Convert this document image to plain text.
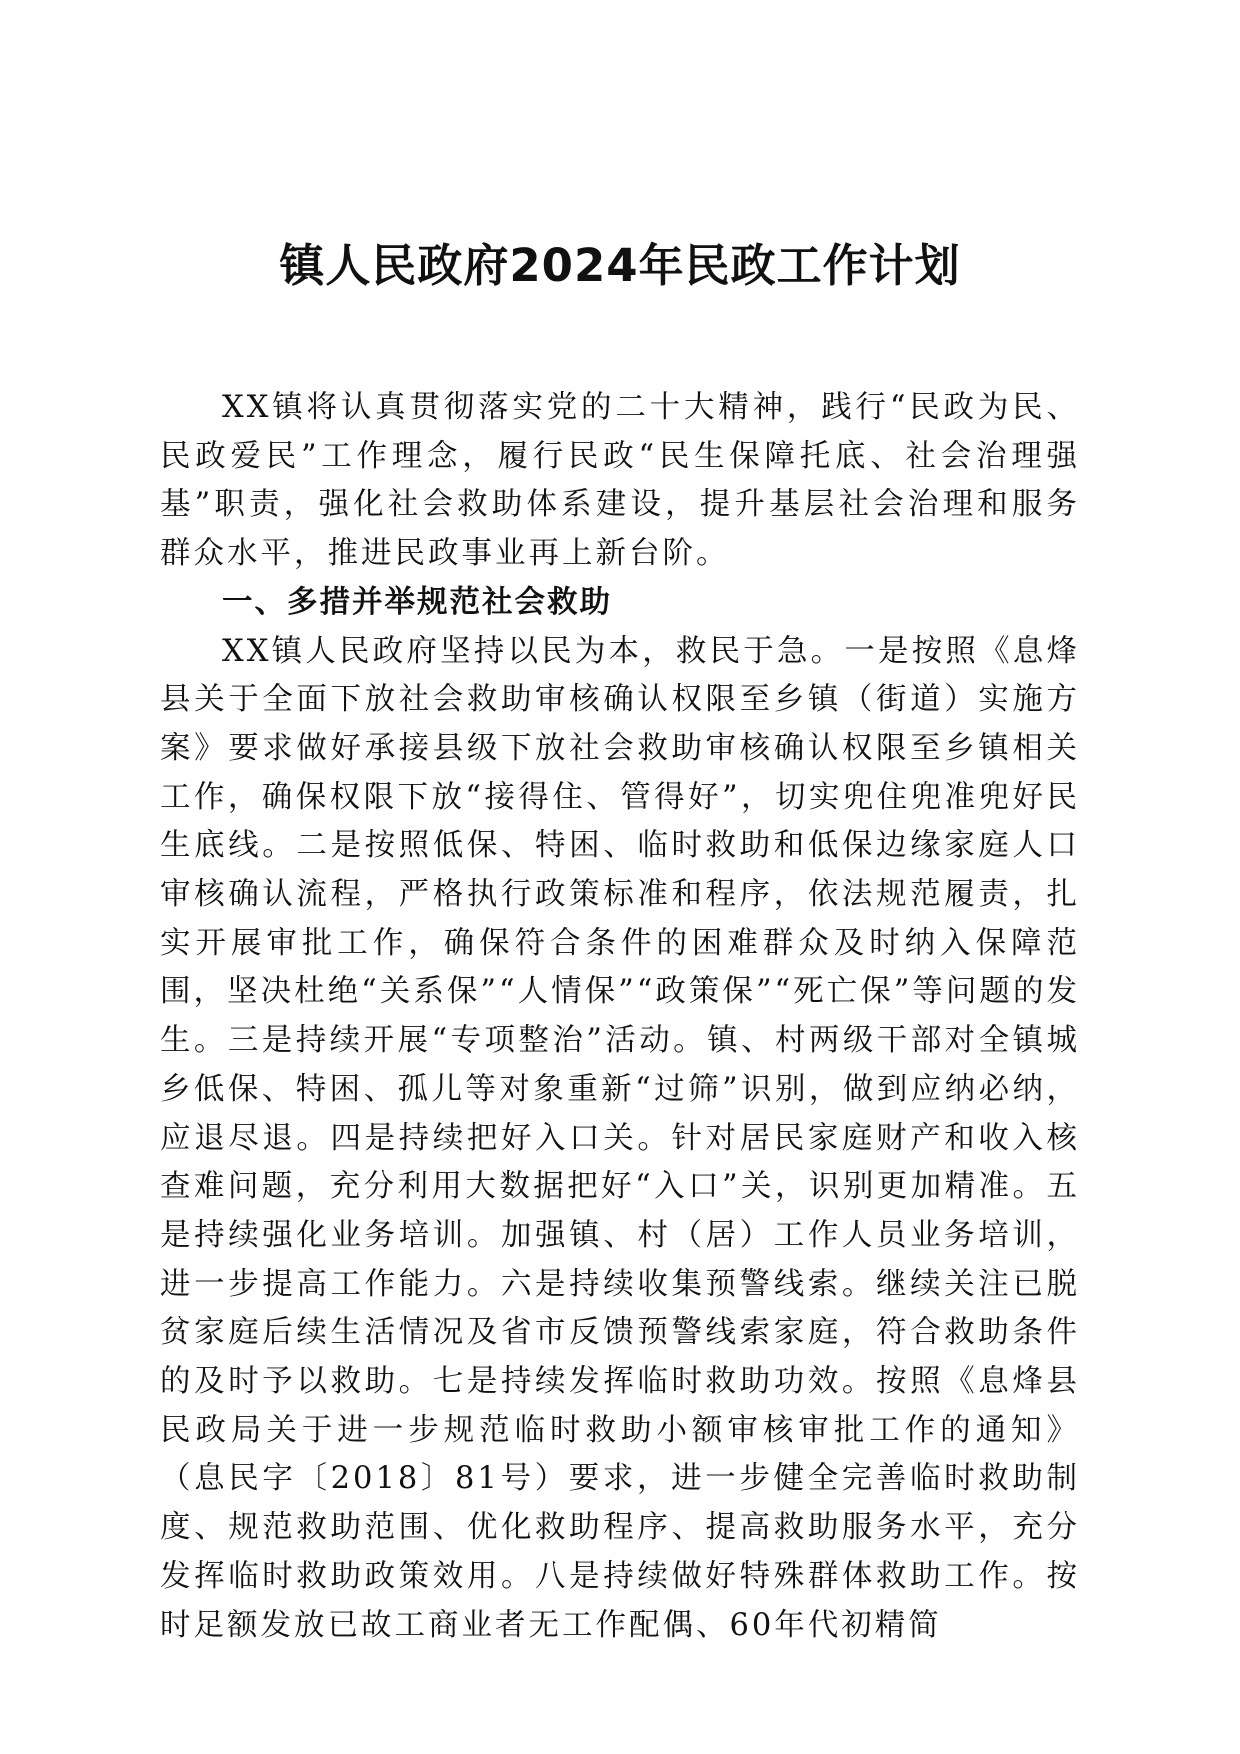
镇人民政府2024年民政工作计划

XX镇将认真贯彻落实党的二十大精神，践行“民政为民、民政爱民”工作理念，履行民政“民生保障托底、社会治理强基”职责，强化社会救助体系建设，提升基层社会治理和服务群众水平，推进民政事业再上新台阶。

一、多措并举规范社会救助

XX镇人民政府坚持以民为本，救民于急。一是按照《息烽县关于全面下放社会救助审核确认权限至乡镇（街道）实施方案》要求做好承接县级下放社会救助审核确认权限至乡镇相关工作，确保权限下放“接得住、管得好”，切实兜住兜准兜好民生底线。二是按照低保、特困、临时救助和低保边缘家庭人口审核确认流程，严格执行政策标准和程序，依法规范履责，扎实开展审批工作，确保符合条件的困难群众及时纳入保障范围，坚决杜绝“关系保”“人情保”“政策保”“死亡保”等问题的发生。三是持续开展“专项整治”活动。镇、村两级干部对全镇城乡低保、特困、孤儿等对象重新“过筛”识别，做到应纳必纳，应退尽退。四是持续把好入口关。针对居民家庭财产和收入核查难问题，充分利用大数据把好“入口”关，识别更加精准。五是持续强化业务培训。加强镇、村（居）工作人员业务培训，进一步提高工作能力。六是持续收集预警线索。继续关注已脱贫家庭后续生活情况及省市反馈预警线索家庭，符合救助条件的及时予以救助。七是持续发挥临时救助功效。按照《息烽县民政局关于进一步规范临时救助小额审核审批工作的通知》（息民字〔2018〕81号）要求，进一步健全完善临时救助制度、规范救助范围、优化救助程序、提高救助服务水平，充分发挥临时救助政策效用。八是持续做好特殊群体救助工作。按时足额发放已故工商业者无工作配偶、60年代初精简
